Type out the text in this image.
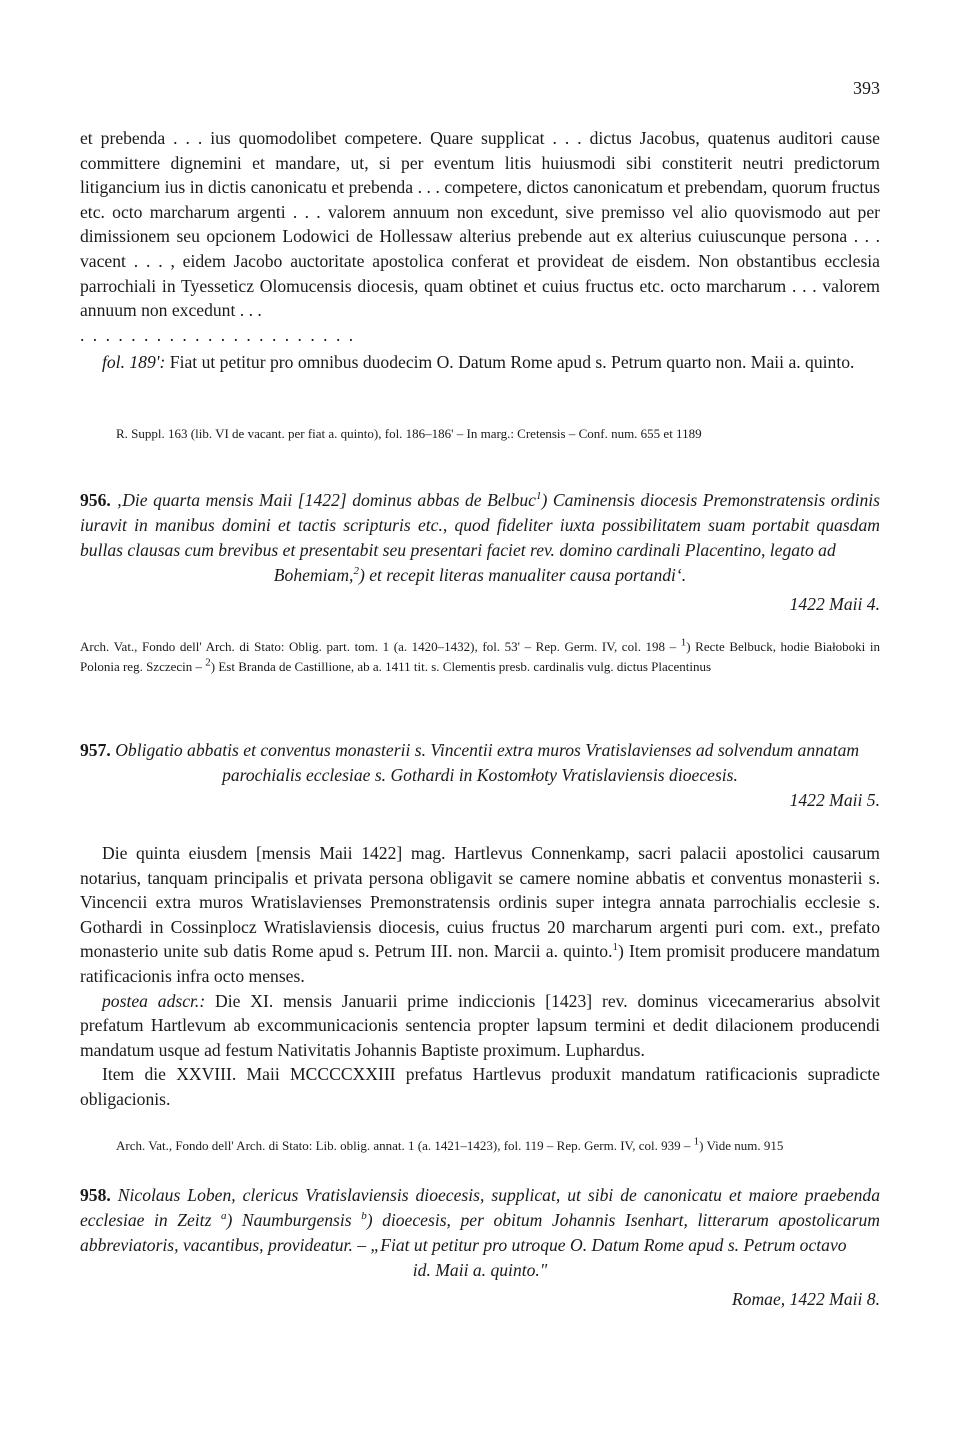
393

et prebenda . . . ius quomodolibet competere. Quare supplicat . . . dictus Jacobus, quatenus auditori cause committere dignemini et mandare, ut, si per eventum litis huiusmodi sibi constiterit neutri predictorum litigancium ius in dictis canonicatu et prebenda . . . competere, dictos canonicatum et prebendam, quorum fructus etc. octo marcharum argenti . . . valorem annuum non excedunt, sive premisso vel alio quovismodo aut per dimissionem seu opcionem Lodowici de Hollessaw alterius prebende aut ex alterius cuiuscunque persona . . . vacent . . . , eidem Jacobo auctoritate apostolica conferat et provideat de eisdem. Non obstantibus ecclesia parrochiali in Tyesseticz Olomucensis diocesis, quam obtinet et cuius fructus etc. octo marcharum . . . valorem annuum non excedunt . . .

. . . . . . . . . . . . . . . . . . . . . .

fol. 189': Fiat ut petitur pro omnibus duodecim O. Datum Rome apud s. Petrum quarto non. Maii a. quinto.

R. Suppl. 163 (lib. VI de vacant. per fiat a. quinto), fol. 186–186' – In marg.: Cretensis – Conf. num. 655 et 1189
956. ‚Die quarta mensis Maii [1422] dominus abbas de Belbuc$^1$) Caminensis diocesis Premonstratensis ordinis iuravit in manibus domini et tactis scripturis etc., quod fideliter iuxta possibilitatem suam portabit quasdam bullas clausas cum brevibus et presentabit seu presentari faciet rev. domino cardinali Placentino, legato ad
Bohemiam,$^2$) et recepit literas manualiter causa portandi‘.
1422 Maii 4.
Arch. Vat., Fondo dell' Arch. di Stato: Oblig. part. tom. 1 (a. 1420–1432), fol. 53' – Rep. Germ. IV, col. 198 – $^1$) Recte Belbuck, hodie Białoboki in Polonia reg. Szczecin – $^2$) Est Branda de Castillione, ab a. 1411 tit. s. Clementis presb. cardinalis vulg. dictus Placentinus
957. Obligatio abbatis et conventus monasterii s. Vincentii extra muros Vratislavienses ad solvendum annatam
parochialis ecclesiae s. Gothardi in Kostomłoty Vratislaviensis dioecesis.
1422 Maii 5.

Die quinta eiusdem [mensis Maii 1422] mag. Hartlevus Connenkamp, sacri palacii apostolici causarum notarius, tanquam principalis et privata persona obligavit se camere nomine abbatis et conventus monasterii s. Vincencii extra muros Wratislavienses Premonstratensis ordinis super integra annata parrochialis ecclesie s. Gothardi in Cossinplocz Wratislaviensis diocesis, cuius fructus 20 marcharum argenti puri com. ext., prefato monasterio unite sub datis Rome apud s. Petrum III. non. Marcii a. quinto.$^1$) Item promisit producere mandatum ratificacionis infra octo menses.

postea adscr.: Die XI. mensis Januarii prime indiccionis [1423] rev. dominus vicecamerarius absolvit prefatum Hartlevum ab excommunicacionis sentencia propter lapsum termini et dedit dilacionem producendi mandatum usque ad festum Nativitatis Johannis Baptiste proximum. Luphardus.

Item die XXVIII. Maii MCCCCXXIII prefatus Hartlevus produxit mandatum ratificacionis supradicte obligacionis.

Arch. Vat., Fondo dell' Arch. di Stato: Lib. oblig. annat. 1 (a. 1421–1423), fol. 119 – Rep. Germ. IV, col. 939 – $^1$) Vide num. 915
958. Nicolaus Loben, clericus Vratislaviensis dioecesis, supplicat, ut sibi de canonicatu et maiore praebenda ecclesiae in Zeitz $^a$) Naumburgensis $^b$) dioecesis, per obitum Johannis Isenhart, litterarum apostolicarum abbreviatoris, vacantibus, provideatur. – „Fiat ut petitur pro utroque O. Datum Rome apud s. Petrum octavo
id. Maii a. quinto."
Romae, 1422 Maii 8.
